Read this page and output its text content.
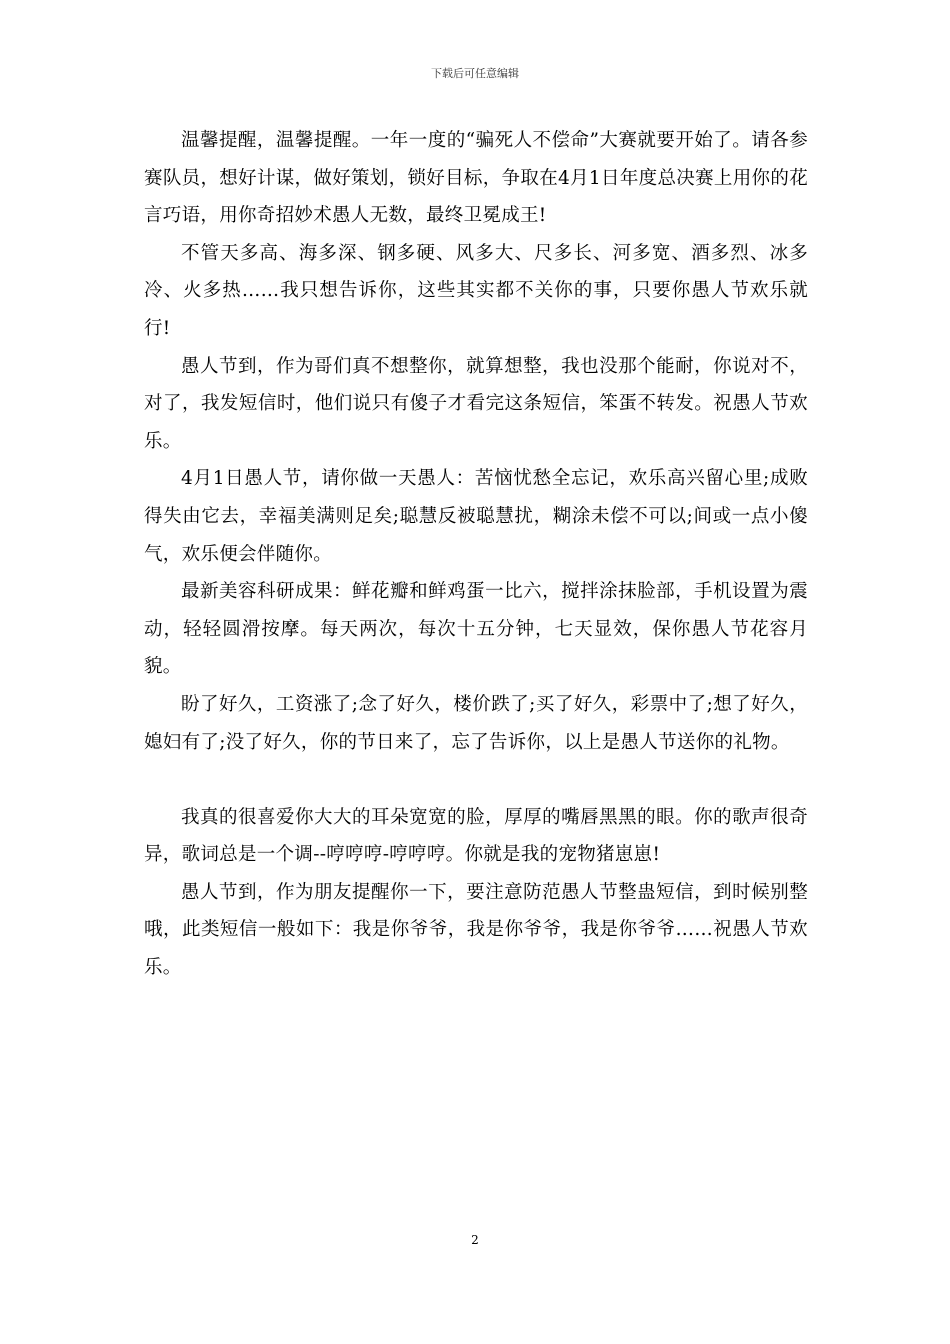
下载后可任意编辑

温馨提醒，温馨提醒。一年一度的“骗死人不偿命”大赛就要开始了。请各参赛队员，想好计谋，做好策划，锁好目标，争取在4月1日年度总决赛上用你的花言巧语，用你奇招妙术愚人无数，最终卫冕成王!

不管天多高、海多深、钢多硬、风多大、尺多长、河多宽、酒多烈、冰多冷、火多热……我只想告诉你，这些其实都不关你的事，只要你愚人节欢乐就行!

愚人节到，作为哥们真不想整你，就算想整，我也没那个能耐，你说对不，对了，我发短信时，他们说只有傻子才看完这条短信，笨蛋不转发。祝愚人节欢乐。

4月1日愚人节，请你做一天愚人：苦恼忧愁全忘记，欢乐高兴留心里;成败得失由它去，幸福美满则足矣;聪慧反被聪慧扰，糊涂未偿不可以;间或一点小傻气，欢乐便会伴随你。

最新美容科研成果：鲜花瓣和鲜鸡蛋一比六，搅拌涂抹脸部，手机设置为震动，轻轻圆滑按摩。每天两次，每次十五分钟，七天显效，保你愚人节花容月貌。

盼了好久，工资涨了;念了好久，楼价跌了;买了好久，彩票中了;想了好久，媳妇有了;没了好久，你的节日来了，忘了告诉你，以上是愚人节送你的礼物。

我真的很喜爱你大大的耳朵宽宽的脸，厚厚的嘴唇黑黑的眼。你的歌声很奇异，歌词总是一个调--哼哼哼-哼哼哼。你就是我的宠物猪崽崽!

愚人节到，作为朋友提醒你一下，要注意防范愚人节整蛊短信，到时候别整哦，此类短信一般如下：我是你爷爷，我是你爷爷，我是你爷爷……祝愚人节欢乐。

2
